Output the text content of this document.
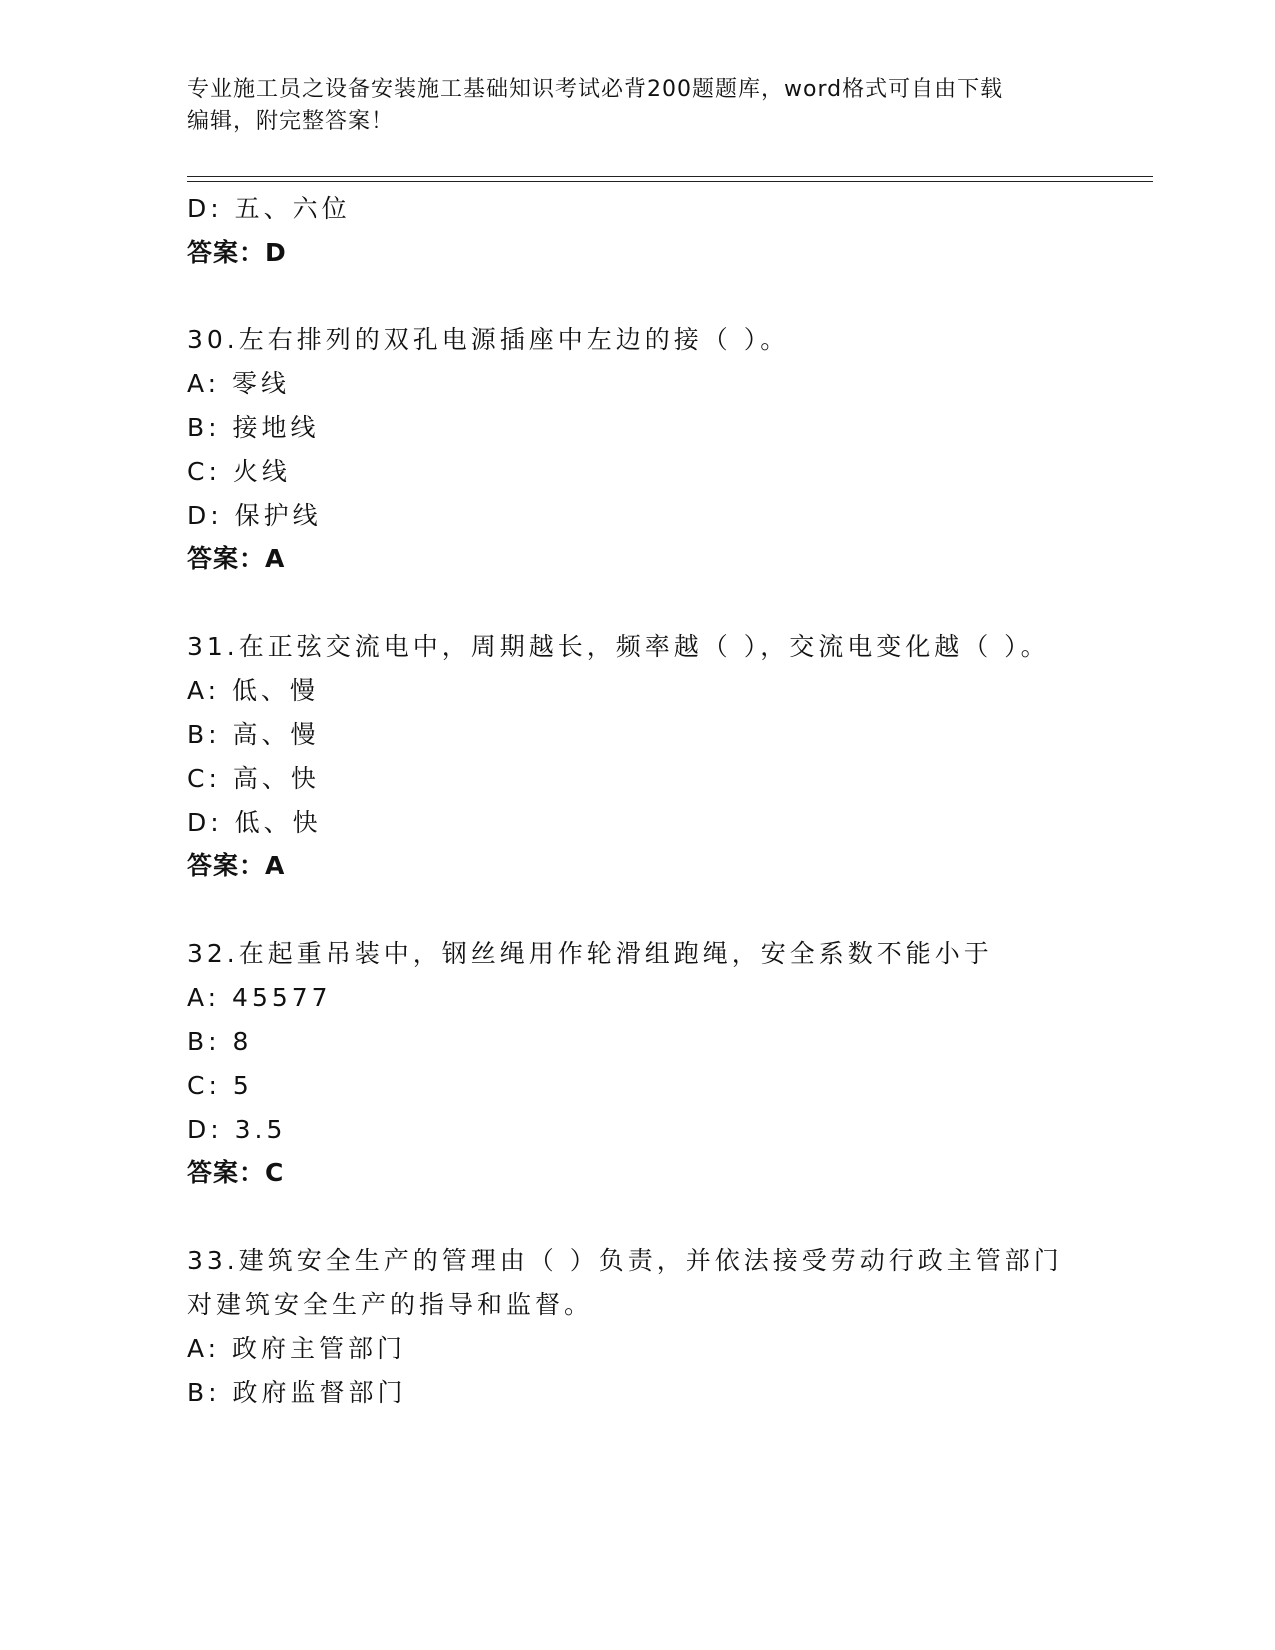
专业施工员之设备安装施工基础知识考试必背200题题库，word格式可自由下载
编辑，附完整答案！
D: 五、六位
答案：D
30.左右排列的双孔电源插座中左边的接（ ）。
A: 零线
B: 接地线
C: 火线
D: 保护线
答案：A
31.在正弦交流电中，周期越长，频率越（ ），交流电变化越（ ）。
A: 低、慢
B: 高、慢
C: 高、快
D: 低、快
答案：A
32.在起重吊装中，钢丝绳用作轮滑组跑绳，安全系数不能小于
A: 45577
B: 8
C: 5
D: 3.5
答案：C
33.建筑安全生产的管理由（ ）负责，并依法接受劳动行政主管部门
对建筑安全生产的指导和监督。
A: 政府主管部门
B: 政府监督部门
